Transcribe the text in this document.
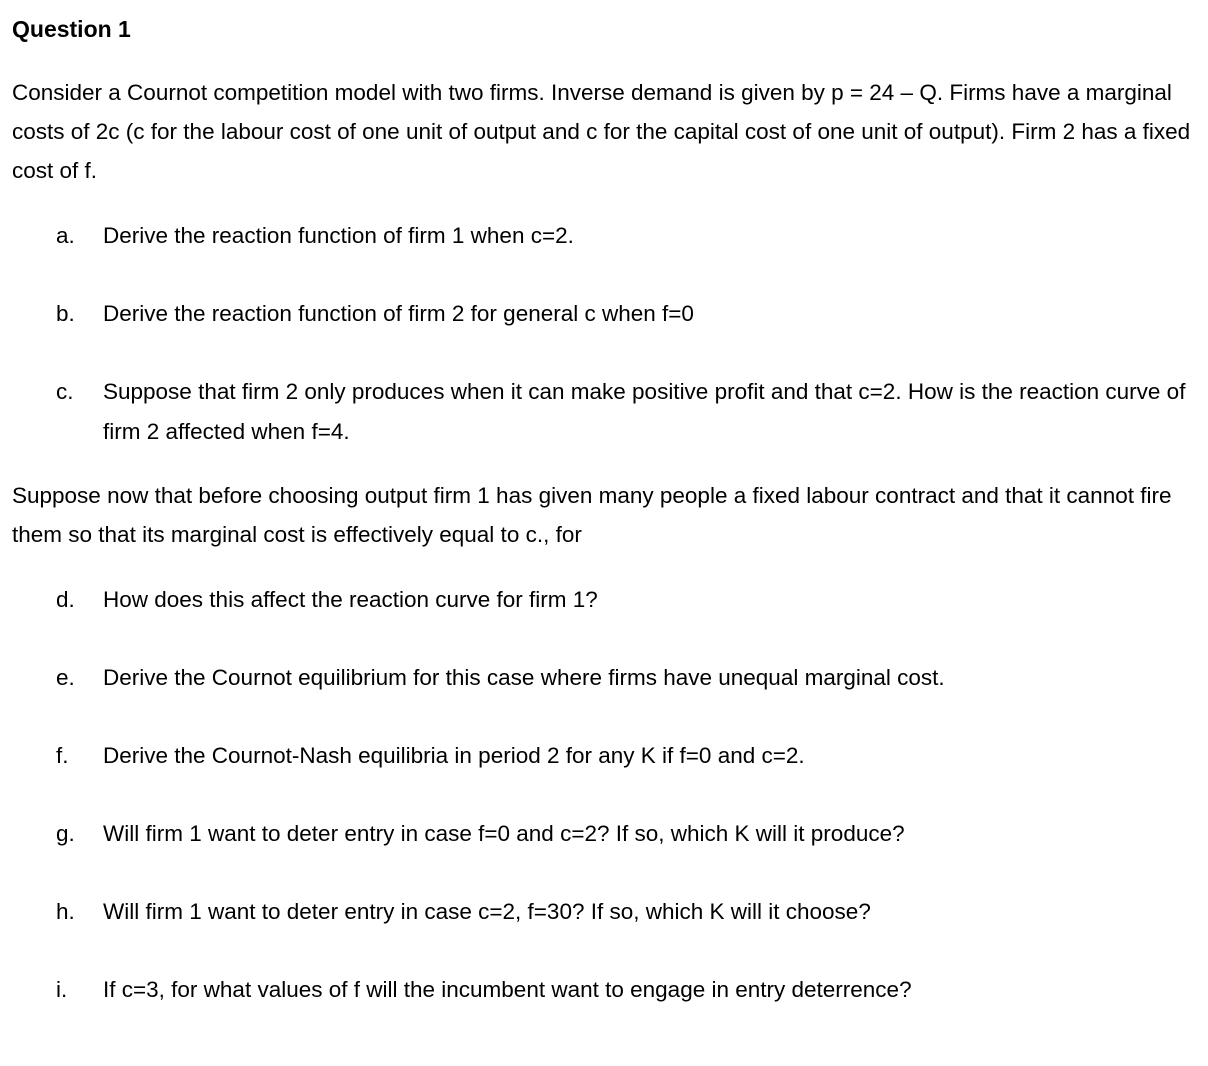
Question 1

Consider a Cournot competition model with two firms. Inverse demand is given by p = 24 – Q. Firms have a marginal costs of 2c (c for the labour cost of one unit of output and c for the capital cost of one unit of output). Firm 2 has a fixed cost of f.

a.	Derive the reaction function of firm 1 when c=2.
b.	Derive the reaction function of firm 2 for general c when f=0
c.	Suppose that firm 2 only produces when it can make positive profit and that c=2. How is the reaction curve of firm 2 affected when f=4.

Suppose now that before choosing output firm 1 has given many people a fixed labour contract and that it cannot fire them so that its marginal cost is effectively equal to c., for

d.	How does this affect the reaction curve for firm 1?
e.	Derive the Cournot equilibrium for this case where firms have unequal marginal cost.
f.	Derive the Cournot-Nash equilibria in period 2 for any K if f=0 and c=2.
g.	Will firm 1 want to deter entry in case f=0 and c=2? If so, which K will it produce?
h.	Will firm 1 want to deter entry in case c=2, f=30? If so, which K will it choose?
i.	If c=3, for what values of f will the incumbent want to engage in entry deterrence?
